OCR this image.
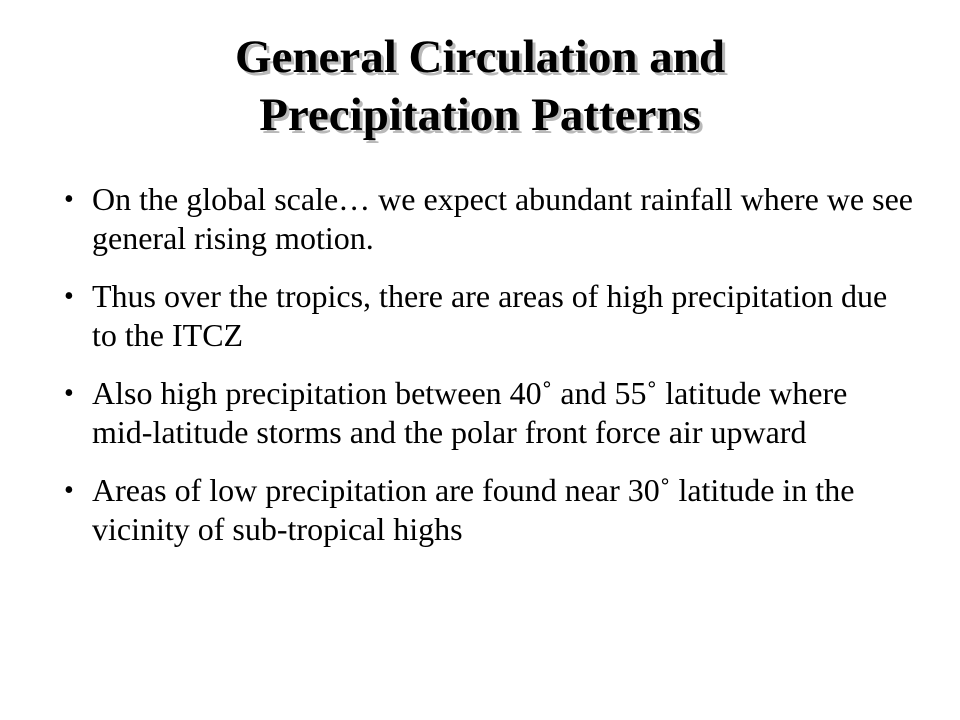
General Circulation and
Precipitation Patterns
• On the global scale… we expect abundant rainfall where we see general rising motion.
• Thus over the tropics, there are areas of high precipitation due to the ITCZ
• Also high precipitation between 40˚ and 55˚ latitude where mid-latitude storms and the polar front force air upward
• Areas of low precipitation are found near 30˚ latitude in the vicinity of sub-tropical highs
